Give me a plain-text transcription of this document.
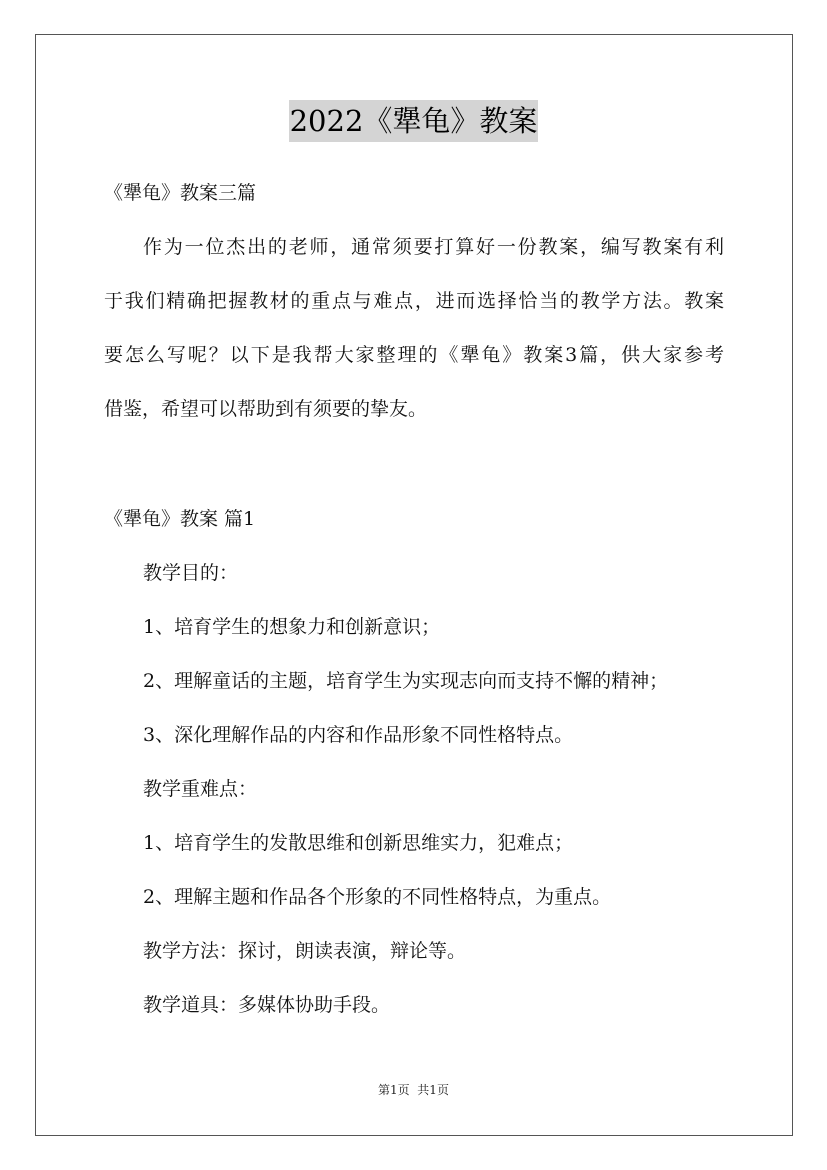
2022《犟龟》教案
《犟龟》教案三篇
作为一位杰出的老师，通常须要打算好一份教案，编写教案有利
于我们精确把握教材的重点与难点，进而选择恰当的教学方法。教案
要怎么写呢？以下是我帮大家整理的《犟龟》教案3篇，供大家参考
借鉴，希望可以帮助到有须要的挚友。
《犟龟》教案 篇1
教学目的：
1、培育学生的想象力和创新意识；
2、理解童话的主题，培育学生为实现志向而支持不懈的精神；
3、深化理解作品的内容和作品形象不同性格特点。
教学重难点：
1、培育学生的发散思维和创新思维实力，犯难点；
2、理解主题和作品各个形象的不同性格特点，为重点。
教学方法：探讨，朗读表演，辩论等。
教学道具：多媒体协助手段。
第1页  共1页
